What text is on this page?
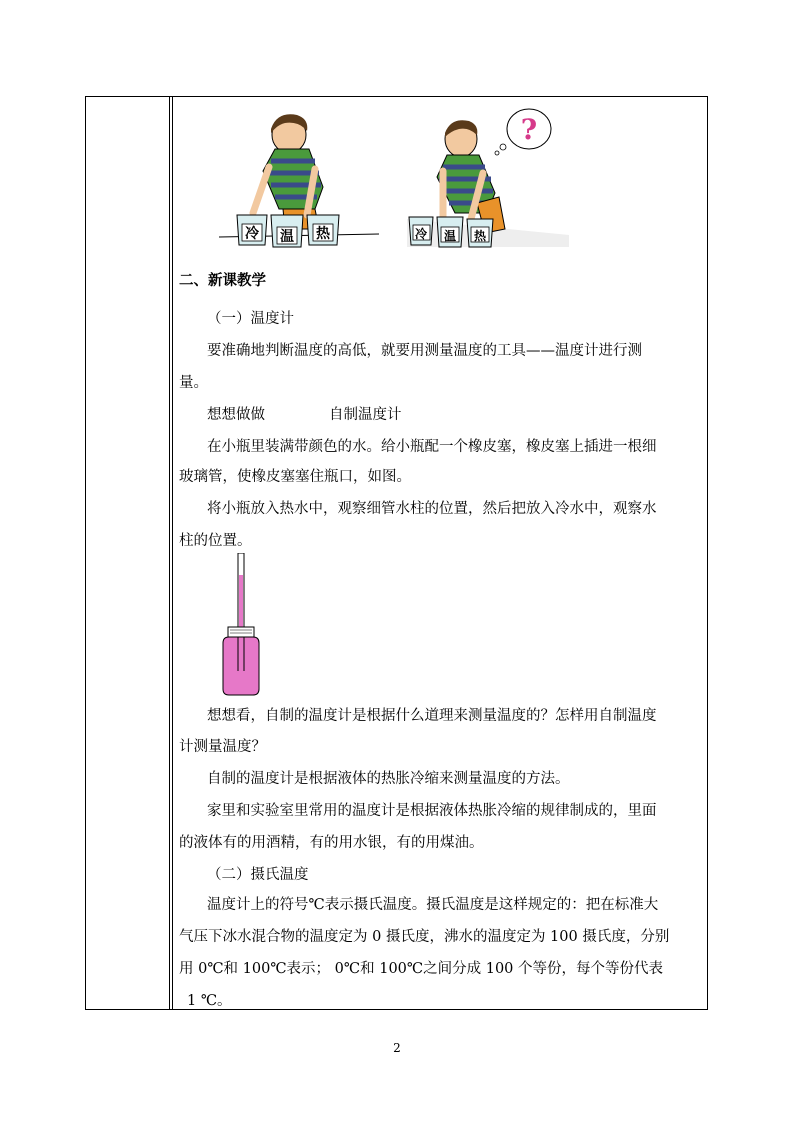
冷 温 热
?
冷 温 热
二、新课教学
（一）温度计
要准确地判断温度的高低，就要用测量温度的工具——温度计进行测
量。
想想做做	自制温度计
在小瓶里装满带颜色的水。给小瓶配一个橡皮塞，橡皮塞上插进一根细
玻璃管，使橡皮塞塞住瓶口，如图。
将小瓶放入热水中，观察细管水柱的位置，然后把放入冷水中，观察水
柱的位置。
想想看，自制的温度计是根据什么道理来测量温度的？怎样用自制温度
计测量温度？
自制的温度计是根据液体的热胀冷缩来测量温度的方法。
家里和实验室里常用的温度计是根据液体热胀冷缩的规律制成的，里面
的液体有的用酒精，有的用水银，有的用煤油。
（二）摄氏温度
温度计上的符号℃表示摄氏温度。摄氏温度是这样规定的：把在标准大
气压下冰水混合物的温度定为 0 摄氏度，沸水的温度定为 100 摄氏度，分别
用 0℃和 100℃表示； 0℃和 100℃之间分成 100 个等份，每个等份代表
1 ℃。
2
